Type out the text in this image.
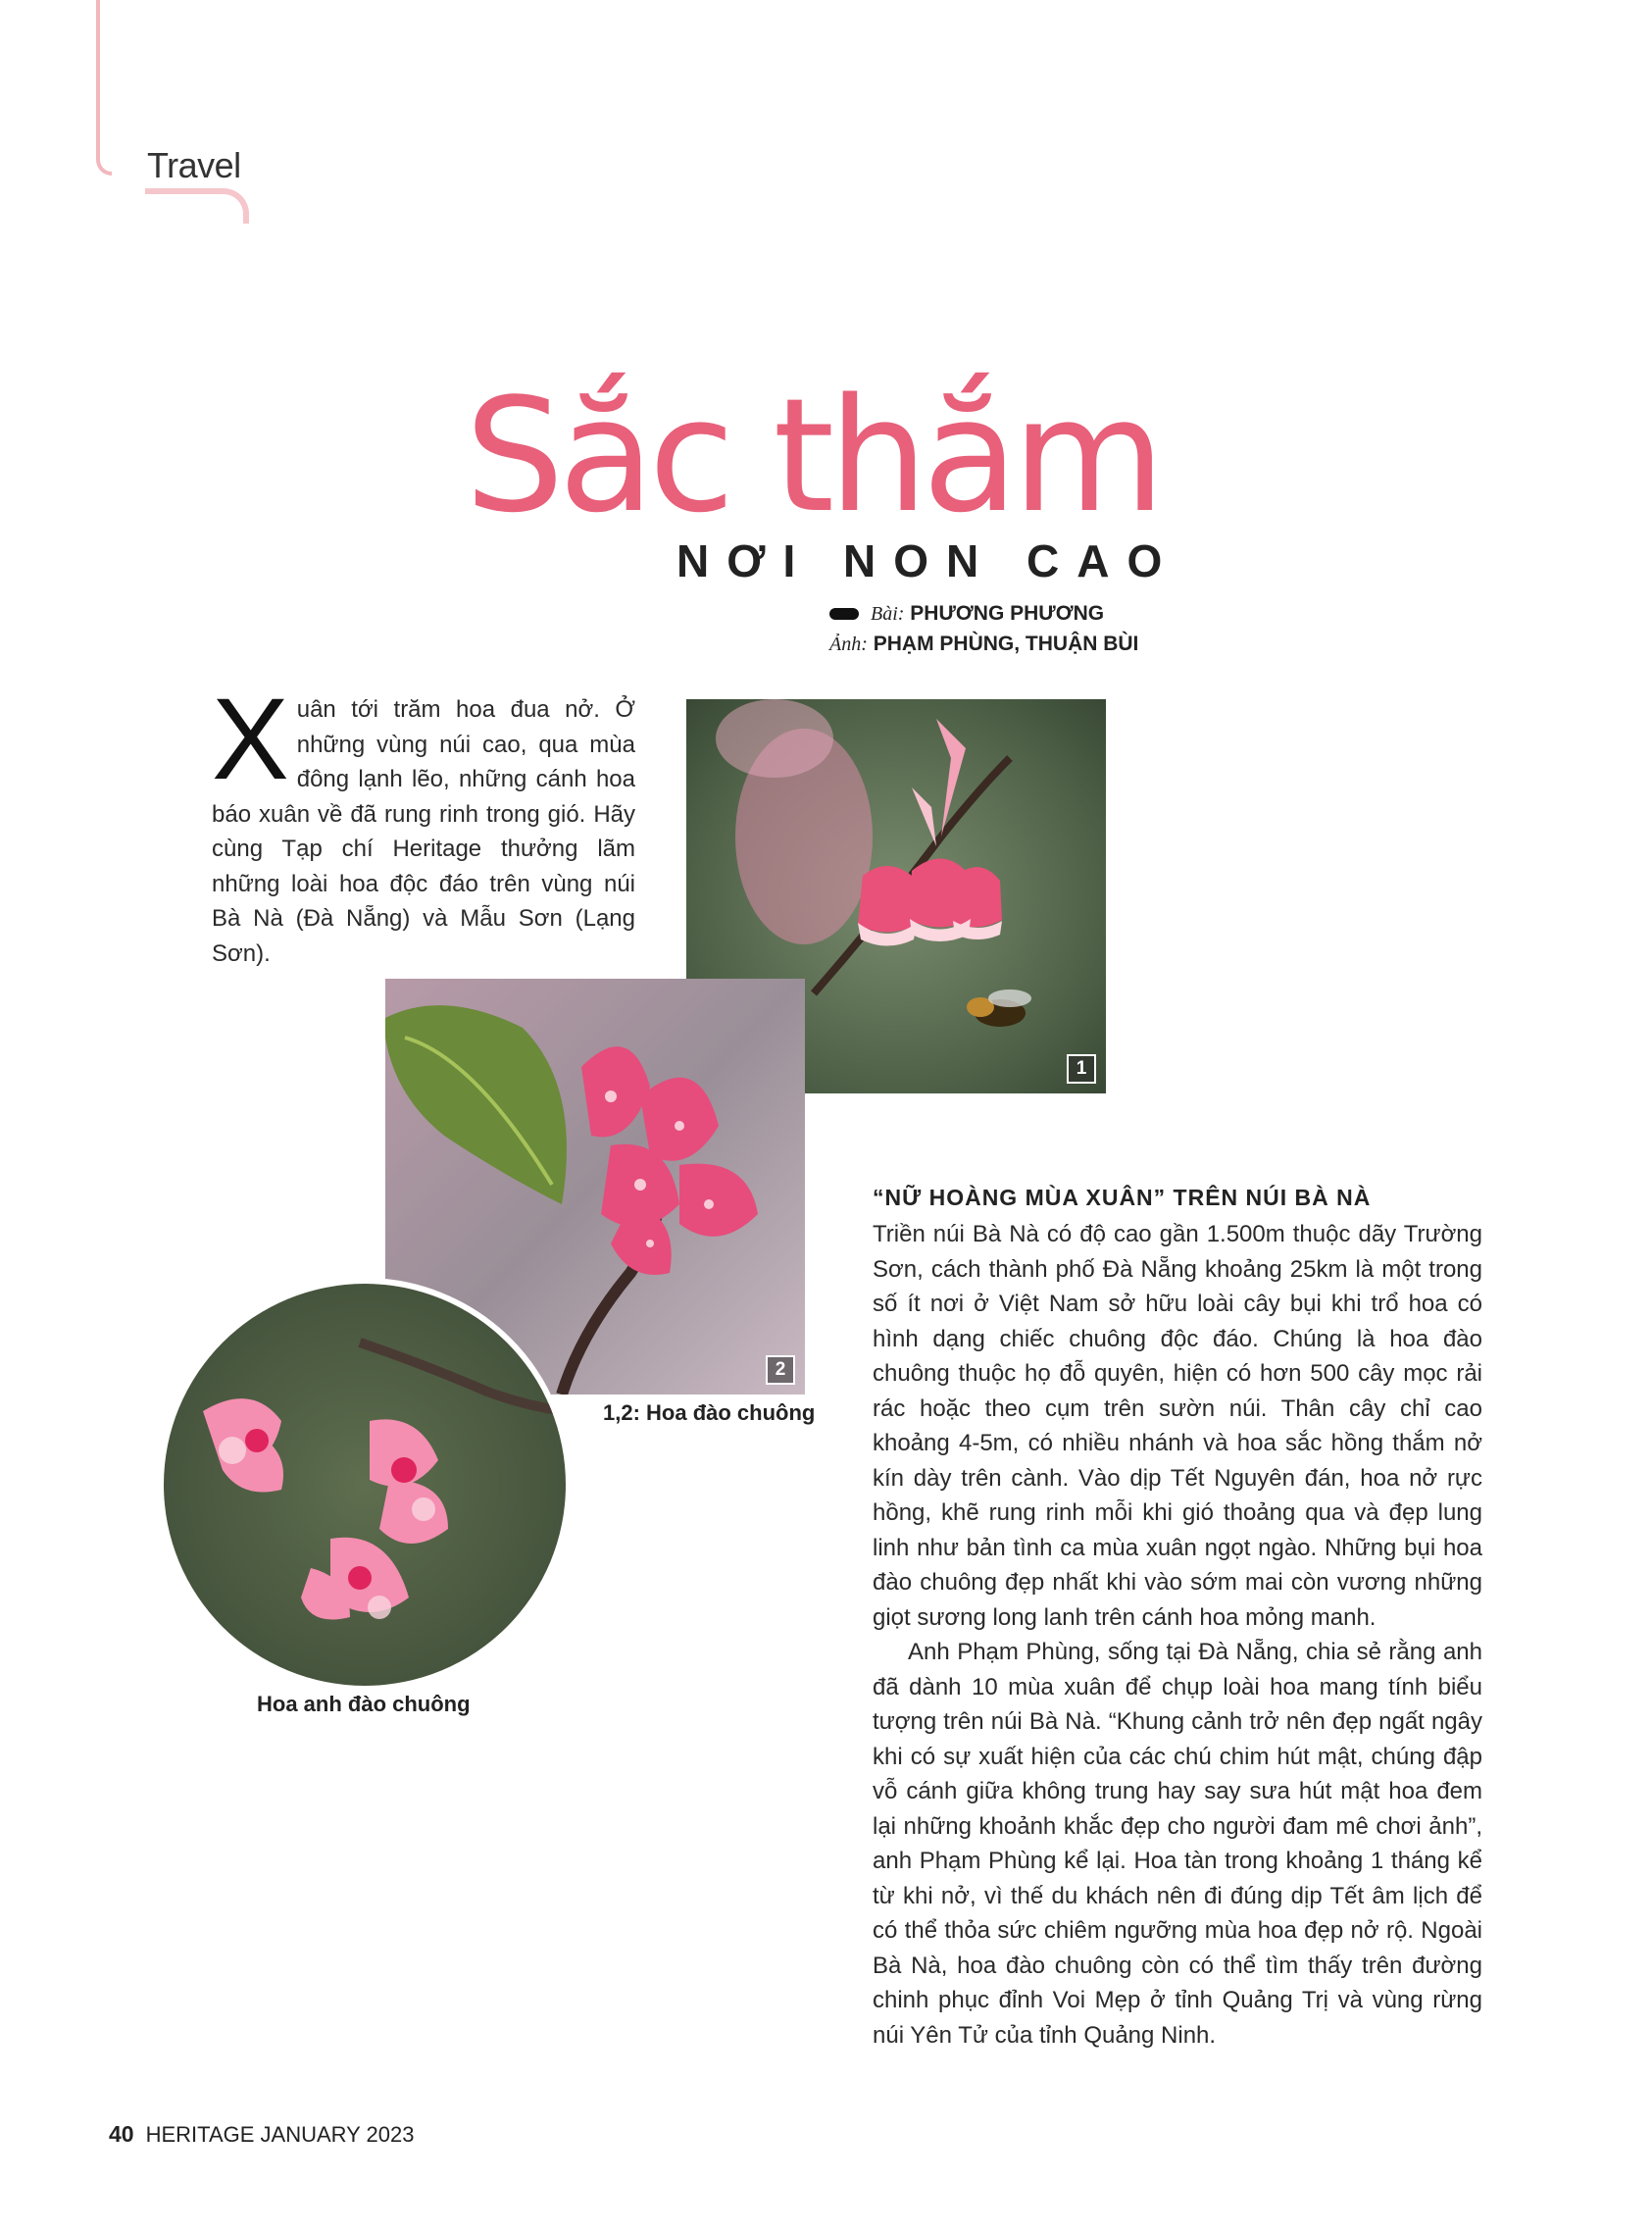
Travel
Sắc thắm
NƠI NON CAO
Bài: PHƯƠNG PHƯƠNG
Ảnh: PHẠM PHÙNG, THUẬN BÙI
Xuân tới trăm hoa đua nở. Ở những vùng núi cao, qua mùa đông lạnh lẽo, những cánh hoa báo xuân về đã rung rinh trong gió. Hãy cùng Tạp chí Heritage thưởng lãm những loài hoa độc đáo trên vùng núi Bà Nà (Đà Nẵng) và Mẫu Sơn (Lạng Sơn).
1
2
1,2: Hoa đào chuông
Hoa anh đào chuông
“NỮ HOÀNG MÙA XUÂN” TRÊN NÚI BÀ NÀ

Triền núi Bà Nà có độ cao gần 1.500m thuộc dãy Trường Sơn, cách thành phố Đà Nẵng khoảng 25km là một trong số ít nơi ở Việt Nam sở hữu loài cây bụi khi trổ hoa có hình dạng chiếc chuông độc đáo. Chúng là hoa đào chuông thuộc họ đỗ quyên, hiện có hơn 500 cây mọc rải rác hoặc theo cụm trên sườn núi. Thân cây chỉ cao khoảng 4-5m, có nhiều nhánh và hoa sắc hồng thắm nở kín dày trên cành. Vào dịp Tết Nguyên đán, hoa nở rực hồng, khẽ rung rinh mỗi khi gió thoảng qua và đẹp lung linh như bản tình ca mùa xuân ngọt ngào. Những bụi hoa đào chuông đẹp nhất khi vào sớm mai còn vương những giọt sương long lanh trên cánh hoa mỏng manh.

Anh Phạm Phùng, sống tại Đà Nẵng, chia sẻ rằng anh đã dành 10 mùa xuân để chụp loài hoa mang tính biểu tượng trên núi Bà Nà. “Khung cảnh trở nên đẹp ngất ngây khi có sự xuất hiện của các chú chim hút mật, chúng đập vỗ cánh giữa không trung hay say sưa hút mật hoa đem lại những khoảnh khắc đẹp cho người đam mê chơi ảnh”, anh Phạm Phùng kể lại. Hoa tàn trong khoảng 1 tháng kể từ khi nở, vì thế du khách nên đi đúng dịp Tết âm lịch để có thể thỏa sức chiêm ngưỡng mùa hoa đẹp nở rộ. Ngoài Bà Nà, hoa đào chuông còn có thể tìm thấy trên đường chinh phục đỉnh Voi Mẹp ở tỉnh Quảng Trị và vùng rừng núi Yên Tử của tỉnh Quảng Ninh.

40 HERITAGE JANUARY 2023
